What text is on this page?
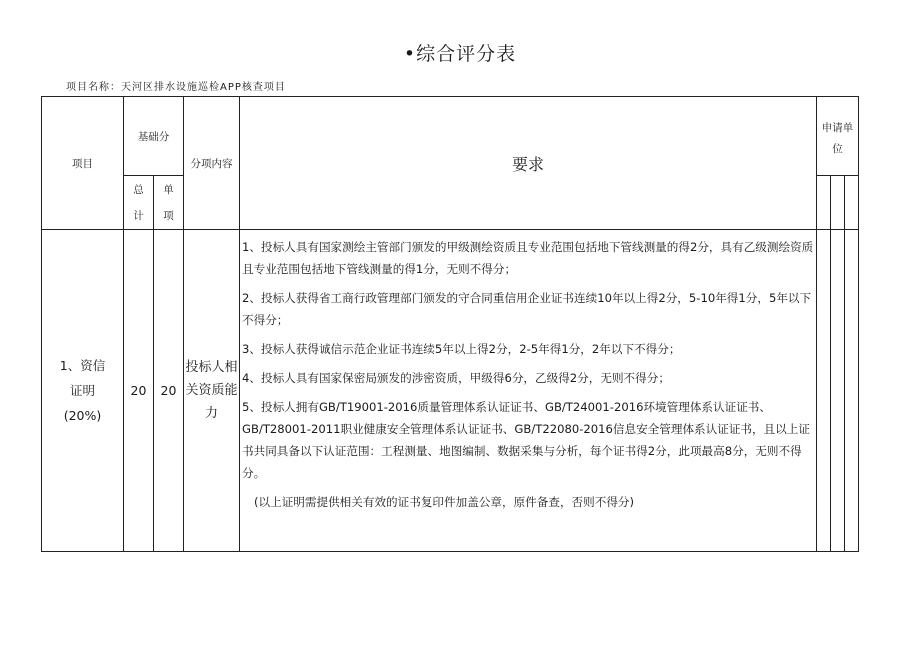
•综合评分表
项目名称：天河区排水设施巡检APP核查项目
项目
基础分
总
计
单
项
分项内容	要求
申请单
位
1、资信
证明
(20%)
20 20
投标人相
关资质能
力

1、投标人具有国家测绘主管部门颁发的甲级测绘资质且专业范围包括地下管线测量的得2分，具有乙级测绘资质且专业范围包括地下管线测量的得1分，无则不得分；

2、投标人获得省工商行政管理部门颁发的守合同重信用企业证书连续10年以上得2分，5-10年得1分，5年以下不得分；

3、投标人获得诚信示范企业证书连续5年以上得2分，2-5年得1分，2年以下不得分；

4、投标人具有国家保密局颁发的涉密资质，甲级得6分，乙级得2分，无则不得分；

5、投标人拥有GB/T19001-2016质量管理体系认证证书、GB/T24001-2016环境管理体系认证证书、GB/T28001-2011职业健康安全管理体系认证证书、GB/T22080-2016信息安全管理体系认证证书，且以上证书共同具备以下认证范围：工程测量、地图编制、数据采集与分析，每个证书得2分，此项最高8分，无则不得分。

(以上证明需提供相关有效的证书复印件加盖公章，原件备查，否则不得分)
